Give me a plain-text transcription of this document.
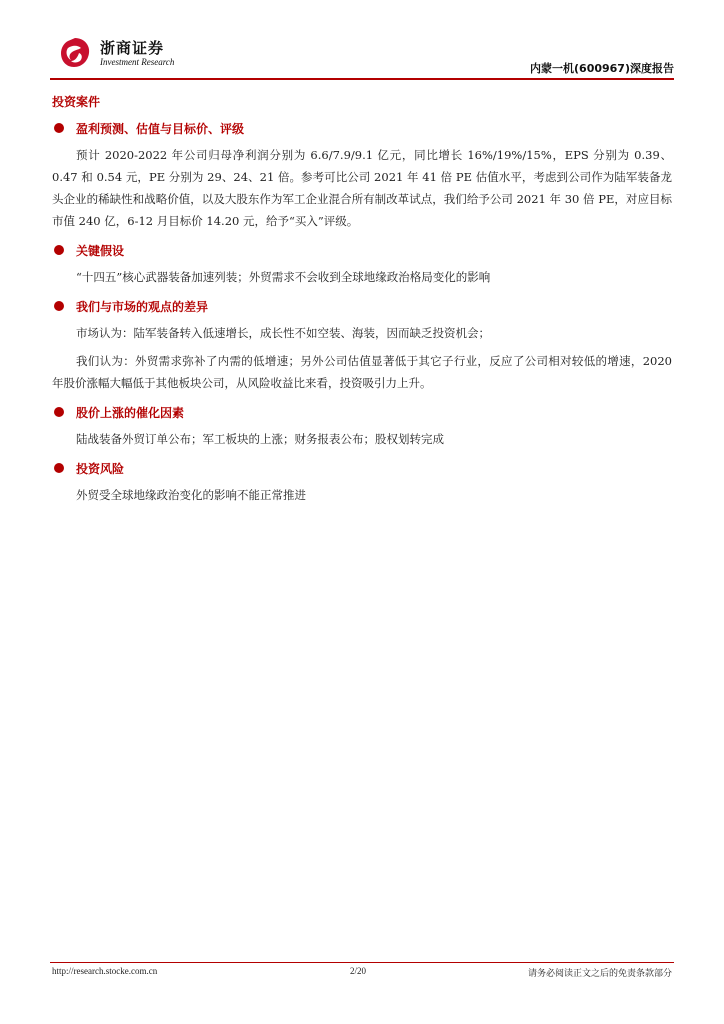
浙商证券
Investment Research	内蒙一机(600967)深度报告
投资案件
盈利预测、估值与目标价、评级

预计 2020-2022 年公司归母净利润分别为 6.6/7.9/9.1 亿元，同比增长 16%/19%/15%，EPS 分别为 0.39、0.47 和 0.54 元，PE 分别为 29、24、21 倍。参考可比公司 2021 年 41 倍 PE 估值水平，考虑到公司作为陆军装备龙头企业的稀缺性和战略价值，以及大股东作为军工企业混合所有制改革试点，我们给予公司 2021 年 30 倍 PE，对应目标市值 240 亿，6-12 月目标价 14.20 元，给予“买入”评级。

关键假设

“十四五”核心武器装备加速列装；外贸需求不会收到全球地缘政治格局变化的影响

我们与市场的观点的差异

市场认为：陆军装备转入低速增长，成长性不如空装、海装，因而缺乏投资机会；

我们认为：外贸需求弥补了内需的低增速；另外公司估值显著低于其它子行业，反应了公司相对较低的增速，2020 年股价涨幅大幅低于其他板块公司，从风险收益比来看，投资吸引力上升。

股价上涨的催化因素

陆战装备外贸订单公布；军工板块的上涨；财务报表公布；股权划转完成

投资风险

外贸受全球地缘政治变化的影响不能正常推进

http://research.stocke.com.cn	2/20	请务必阅读正文之后的免责条款部分
